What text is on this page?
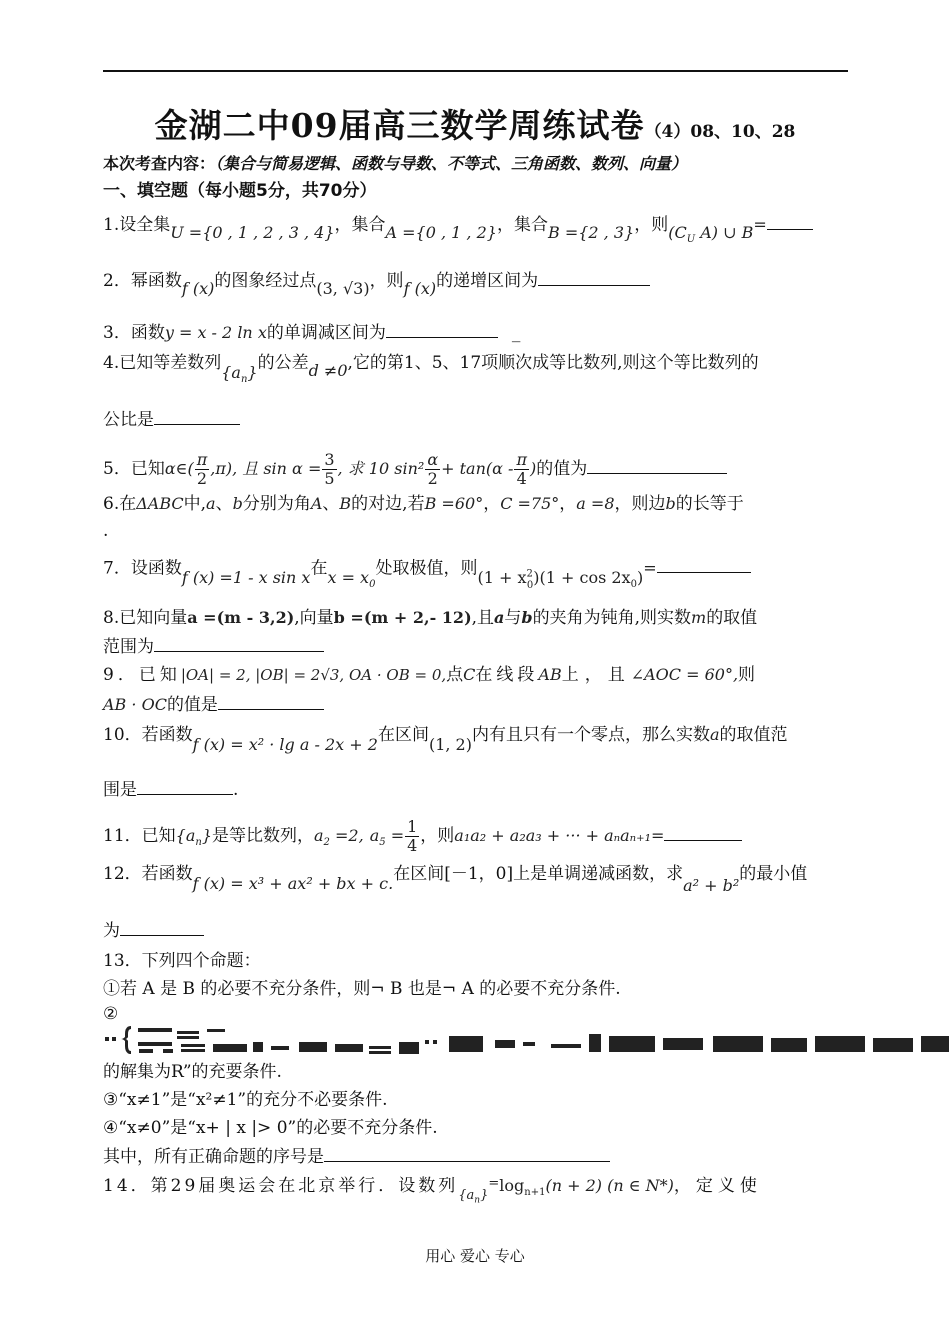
金湖二中09届高三数学周练试卷（4）08、10、28
本次考查内容：（集合与简易逻辑、函数与导数、不等式、三角函数、数列、向量）
一、填空题（每小题5分，共70分）
1.设全集U ={0 , 1 , 2 , 3 , 4}，集合A ={0 , 1 , 2}，集合B ={2 , 3}，则($C_U$ A) ∪ B=
2．幂函数f (x)的图象经过点(3, √3)，则f (x)的递增区间为
3．函数y = x - 2 ln x的单调减区间为	_
4.已知等差数列$\{a_n\}$的公差d ≠0,它的第1、5、17项顺次成等比数列,则这个等比数列的
公比是
5．已知α∈( $\frac{\pi}{2} ,\pi$), 且 $\sin \alpha = \frac{3}{5}$ , 求 10 $\sin^2 \frac{\alpha}{2} + \tan(\alpha - \frac{\pi}{4}$ )的值为
6.在ΔABC中,a、b分别为角A、B的对边,若B =60°，C =75°，a =8，则边b的长等于
.
7．设函数f (x) =1 - x sin x在$x = x_0$处取极值，则$(1 + x^2_0)(1 + \cos 2x_0)=$
8.已知向量a =(m - 3,2),向量b =(m + 2,- 12),且a与b的夹角为钝角,则实数m的取值
范围为
9．已知|OA| = 2, |OB| = 2√3, OA · OB = 0,点C在线段AB上，且∠AOC = 60°,则
AB · OC的值是
10．若函数f (x) = x² · lg a - 2x + 2在区间(1, 2)内有且只有一个零点，那么实数a的取值范
围是	.
11．已知$\{a_n\}$是等比数列，$a_2 =2$, $a_5 = \frac{1}{4}$ ，则a₁a₂ + a₂a₃ + ··· + aₙaₙ₊₁=
12．若函数f (x) = x³ + ax² + bx + c.在区间[－1，0]上是单调递减函数，求a² + b²的最小值
为
13．下列四个命题：
①若 A 是 B 的必要不充分条件，则¬ B 也是¬ A 的必要不充分条件.
②
的解集为R”的充要条件.
③“x≠1”是“x²≠1”的充分不必要条件.
④“x≠0”是“x+ | x |> 0”的必要不充分条件.
其中，所有正确命题的序号是
14．第29届奥运会在北京举行．设数列$_{\{a_n\}}^=\log_{n+1}(n + 2)$ (n ∈ N*)，定义使
用心 爱心 专心
